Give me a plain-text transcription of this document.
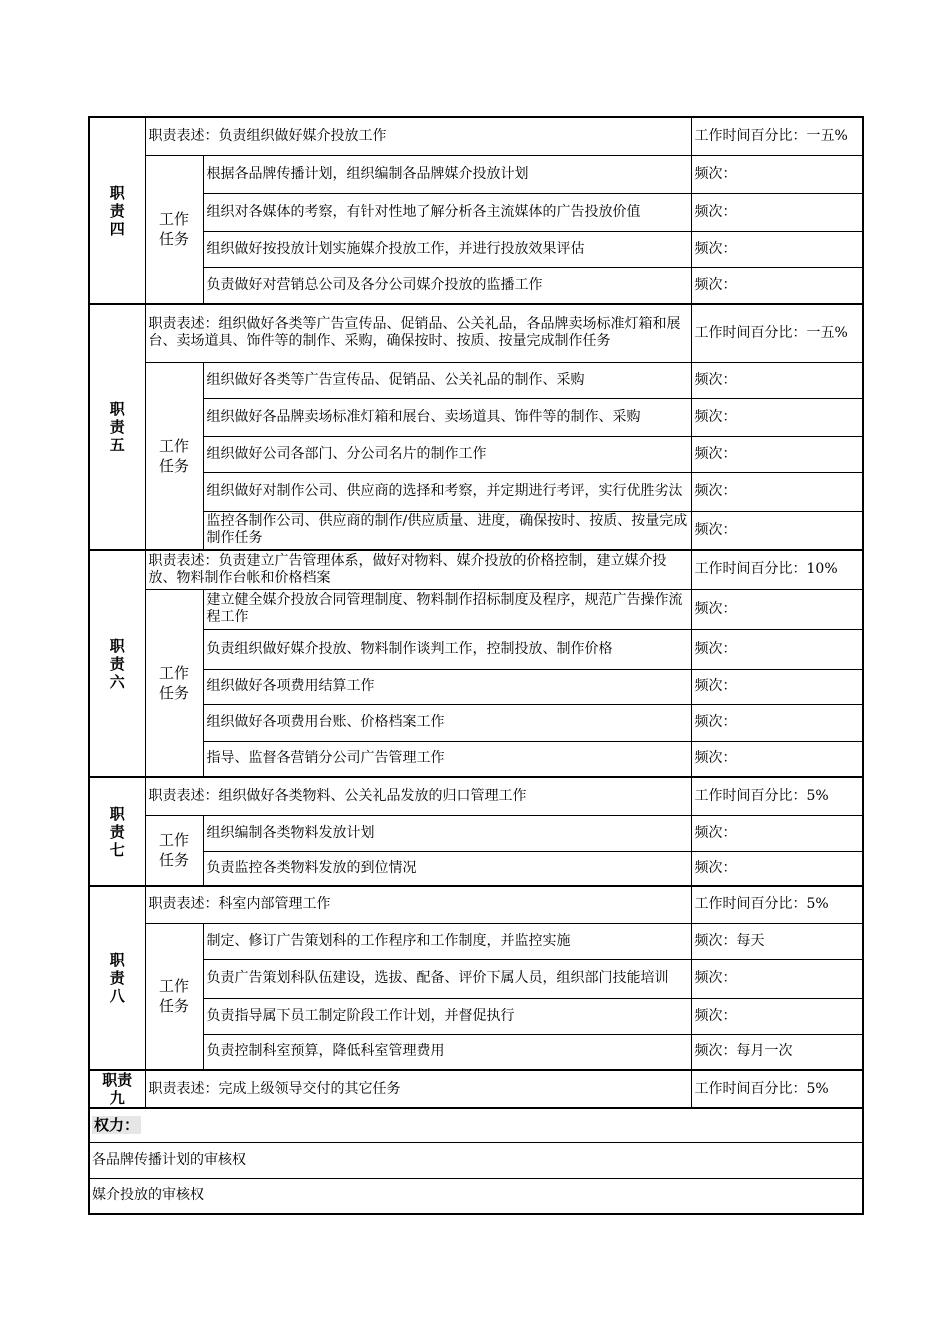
职
责
四	职责表述：负责组织做好媒介投放工作		工作时间百分比：一五%
	工作
任务	根据各品牌传播计划，组织编制各品牌媒介投放计划	频次：
		组织对各媒体的考察，有针对性地了解分析各主流媒体的广告投放价值	频次：
		组织做好按投放计划实施媒介投放工作，并进行投放效果评估	频次：
		负责做好对营销总公司及各分公司媒介投放的监播工作	频次：
职
责
五	职责表述：组织做好各类等广告宣传品、促销品、公关礼品，各品牌卖场标准灯箱和展台、卖场道具、饰件等的制作、采购，确保按时、按质、按量完成制作任务		工作时间百分比：一五%
	工作
任务	组织做好各类等广告宣传品、促销品、公关礼品的制作、采购	频次：
		组织做好各品牌卖场标准灯箱和展台、卖场道具、饰件等的制作、采购	频次：
		组织做好公司各部门、分公司名片的制作工作	频次：
		组织做好对制作公司、供应商的选择和考察，并定期进行考评，实行优胜劣汰	频次：
		监控各制作公司、供应商的制作/供应质量、进度，确保按时、按质、按量完成制作任务	频次：
职
责
六	职责表述：负责建立广告管理体系，做好对物料、媒介投放的价格控制，建立媒介投放、物料制作台帐和价格档案		工作时间百分比：10%
	工作
任务	建立健全媒介投放合同管理制度、物料制作招标制度及程序，规范广告操作流程工作	频次：
		负责组织做好媒介投放、物料制作谈判工作，控制投放、制作价格	频次：
		组织做好各项费用结算工作	频次：
		组织做好各项费用台账、价格档案工作	频次：
		指导、监督各营销分公司广告管理工作	频次：
职
责
七	职责表述：组织做好各类物料、公关礼品发放的归口管理工作		工作时间百分比：5%
	工作
任务	组织编制各类物料发放计划	频次：
		负责监控各类物料发放的到位情况	频次：
职
责
八	职责表述：科室内部管理工作		工作时间百分比：5%
	工作
任务	制定、修订广告策划科的工作程序和工作制度，并监控实施	频次：每天
		负责广告策划科队伍建设，选拔、配备、评价下属人员，组织部门技能培训	频次：
		负责指导属下员工制定阶段工作计划，并督促执行	频次：
		负责控制科室预算，降低科室管理费用	频次：每月一次
职责
九	职责表述：完成上级领导交付的其它任务		工作时间百分比：5%
权力：			
各品牌传播计划的审核权			
媒介投放的审核权			
